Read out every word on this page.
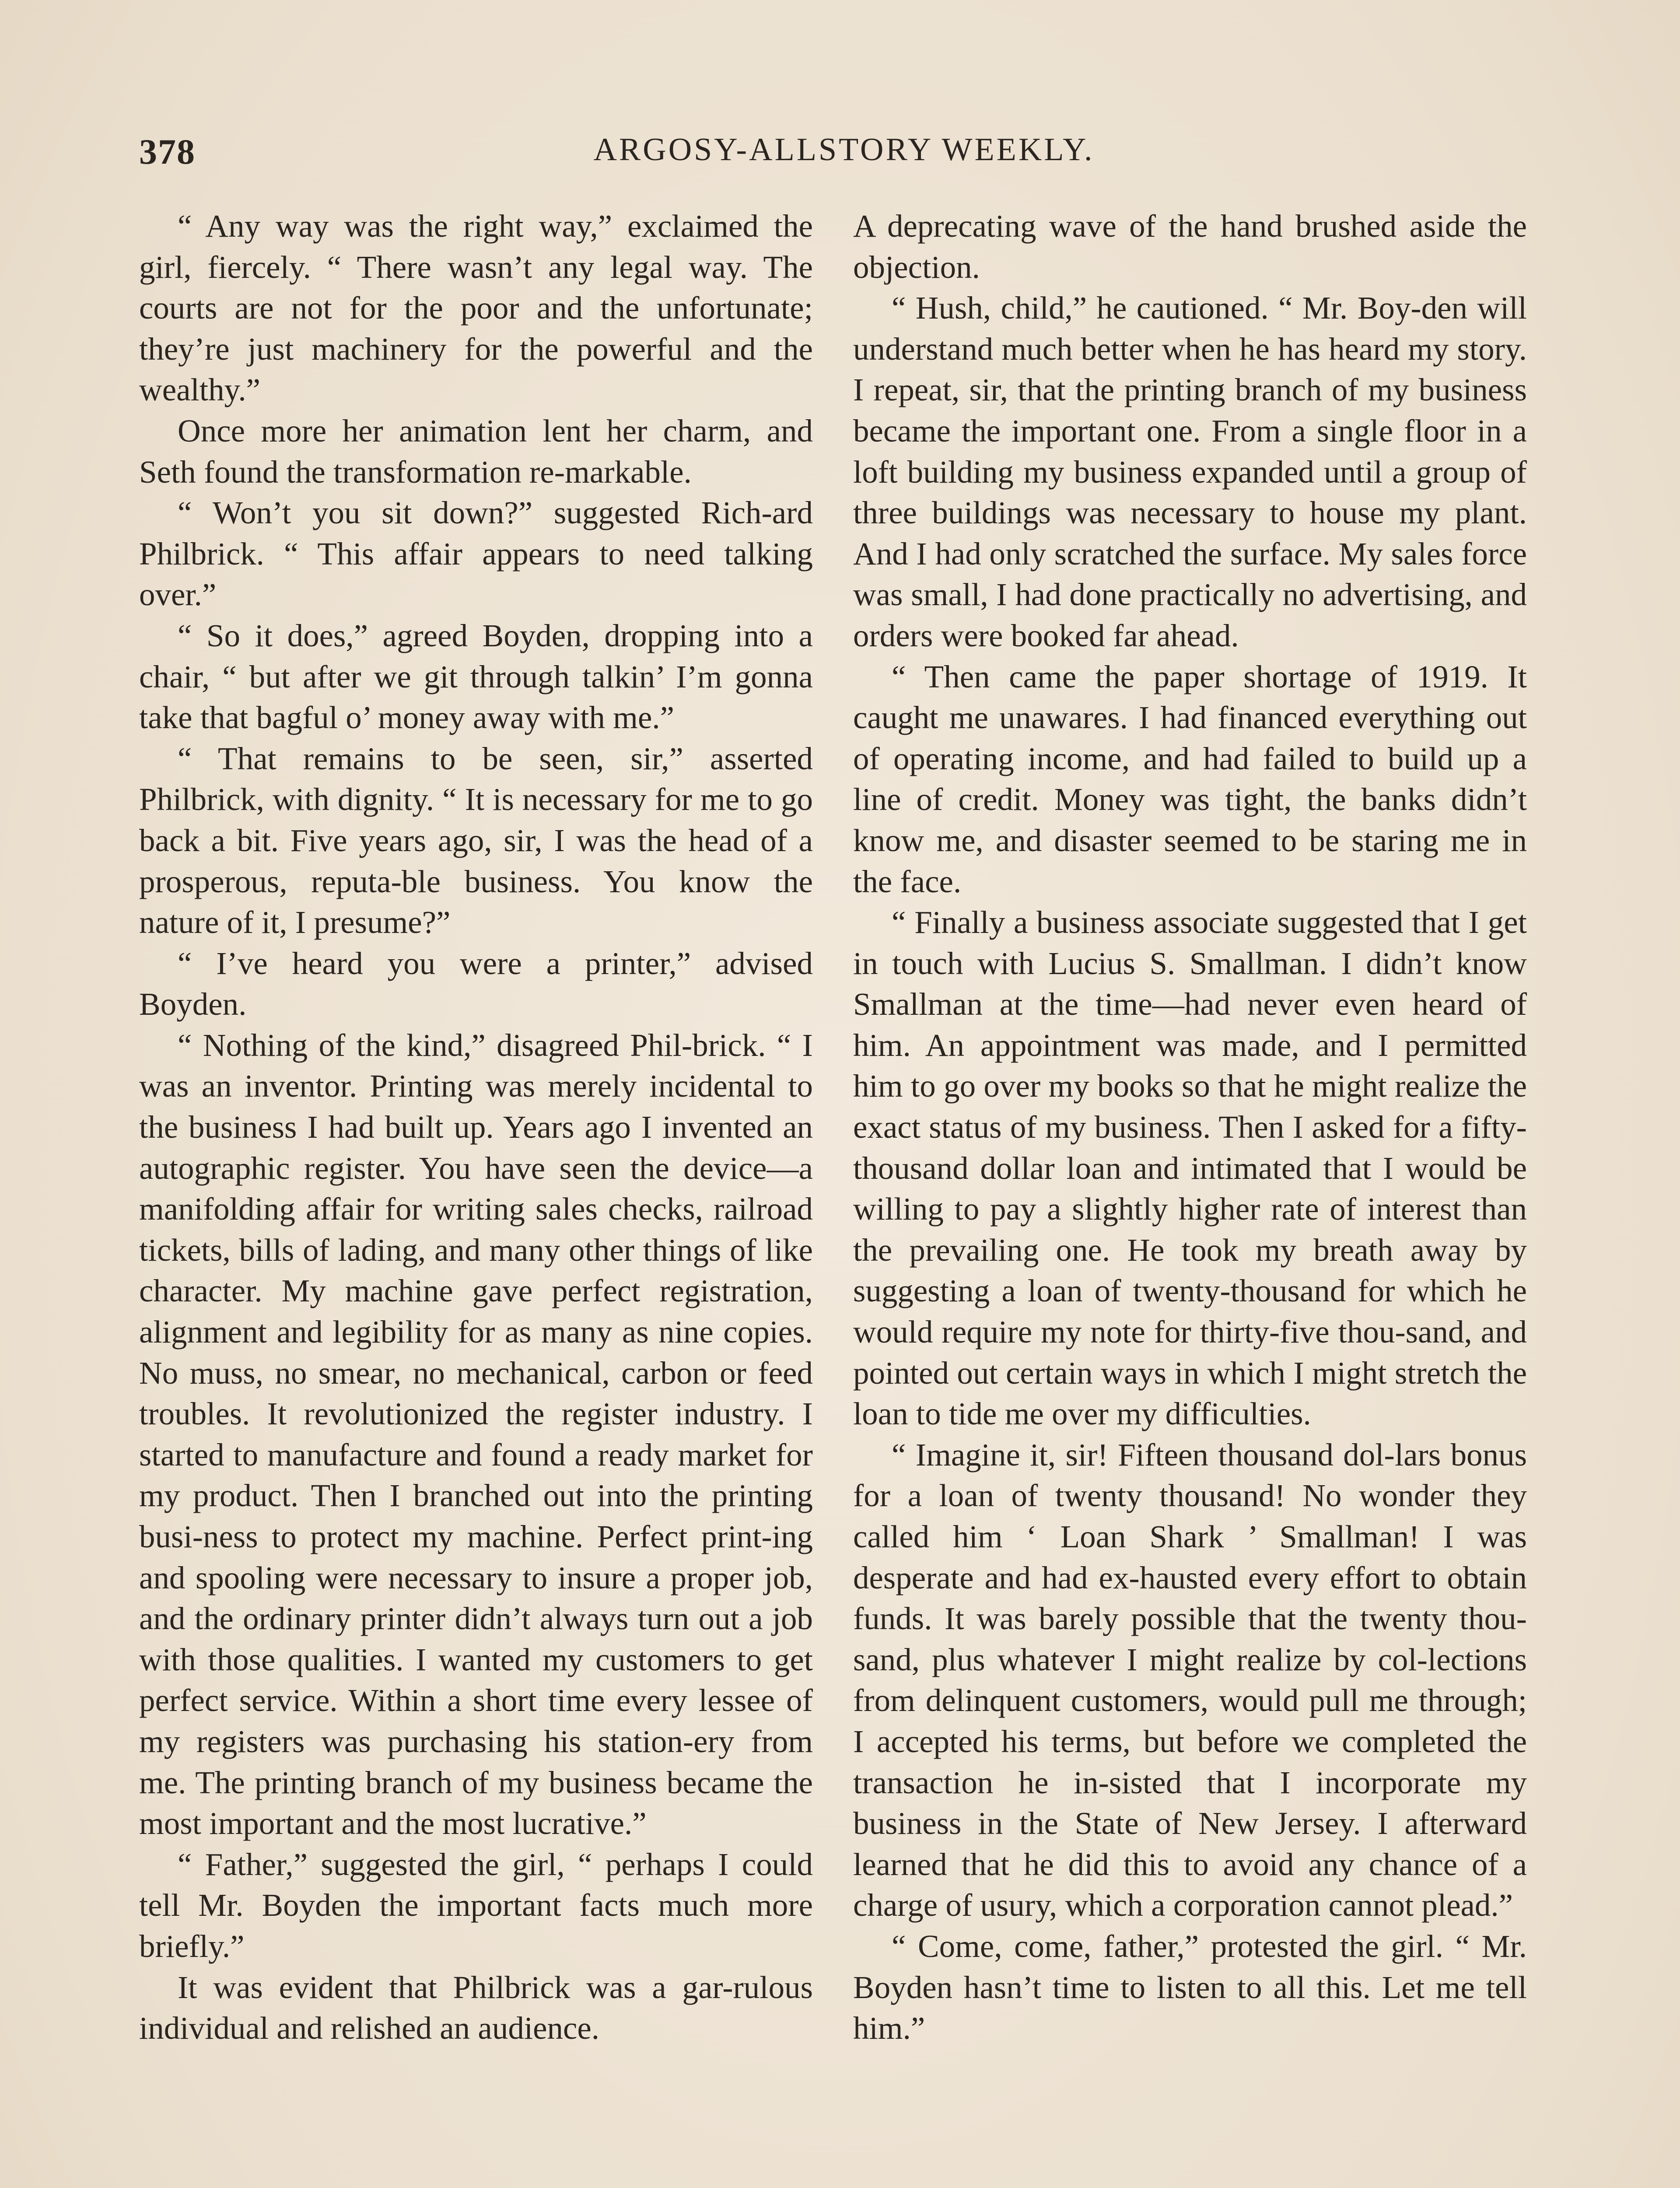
378	ARGOSY-ALLSTORY WEEKLY.

“ Any way was the right way,” exclaimed the girl, fiercely. “ There wasn’t any legal way. The courts are not for the poor and the unfortunate; they’re just machinery for the powerful and the wealthy.”

Once more her animation lent her charm, and Seth found the transformation re-markable.

“ Won’t you sit down?” suggested Rich-ard Philbrick. “ This affair appears to need talking over.”

“ So it does,” agreed Boyden, dropping into a chair, “ but after we git through talkin’ I’m gonna take that bagful o’ money away with me.”

“ That remains to be seen, sir,” asserted Philbrick, with dignity. “ It is necessary for me to go back a bit. Five years ago, sir, I was the head of a prosperous, reputa-ble business. You know the nature of it, I presume?”

“ I’ve heard you were a printer,” advised Boyden.

“ Nothing of the kind,” disagreed Phil-brick. “ I was an inventor. Printing was merely incidental to the business I had built up. Years ago I invented an autographic register. You have seen the device—a manifolding affair for writing sales checks, railroad tickets, bills of lading, and many other things of like character. My machine gave perfect registration, alignment and legibility for as many as nine copies. No muss, no smear, no mechanical, carbon or feed troubles. It revolutionized the register industry. I started to manufacture and found a ready market for my product. Then I branched out into the printing busi-ness to protect my machine. Perfect print-ing and spooling were necessary to insure a proper job, and the ordinary printer didn’t always turn out a job with those qualities. I wanted my customers to get perfect service. Within a short time every lessee of my registers was purchasing his station-ery from me. The printing branch of my business became the most important and the most lucrative.”

“ Father,” suggested the girl, “ perhaps I could tell Mr. Boyden the important facts much more briefly.”

It was evident that Philbrick was a gar-rulous individual and relished an audience.

A deprecating wave of the hand brushed aside the objection.

“ Hush, child,” he cautioned. “ Mr. Boy-den will understand much better when he has heard my story. I repeat, sir, that the printing branch of my business became the important one. From a single floor in a loft building my business expanded until a group of three buildings was necessary to house my plant. And I had only scratched the surface. My sales force was small, I had done practically no advertising, and orders were booked far ahead.

“ Then came the paper shortage of 1919. It caught me unawares. I had financed everything out of operating income, and had failed to build up a line of credit. Money was tight, the banks didn’t know me, and disaster seemed to be staring me in the face.

“ Finally a business associate suggested that I get in touch with Lucius S. Smallman. I didn’t know Smallman at the time—had never even heard of him. An appointment was made, and I permitted him to go over my books so that he might realize the exact status of my business. Then I asked for a fifty-thousand dollar loan and intimated that I would be willing to pay a slightly higher rate of interest than the prevailing one. He took my breath away by suggesting a loan of twenty-thousand for which he would require my note for thirty-five thou-sand, and pointed out certain ways in which I might stretch the loan to tide me over my difficulties.

“ Imagine it, sir! Fifteen thousand dol-lars bonus for a loan of twenty thousand! No wonder they called him ‘ Loan Shark ’ Smallman! I was desperate and had ex-hausted every effort to obtain funds. It was barely possible that the twenty thou-sand, plus whatever I might realize by col-lections from delinquent customers, would pull me through; I accepted his terms, but before we completed the transaction he in-sisted that I incorporate my business in the State of New Jersey. I afterward learned that he did this to avoid any chance of a charge of usury, which a corporation cannot plead.”

“ Come, come, father,” protested the girl. “ Mr. Boyden hasn’t time to listen to all this. Let me tell him.”
